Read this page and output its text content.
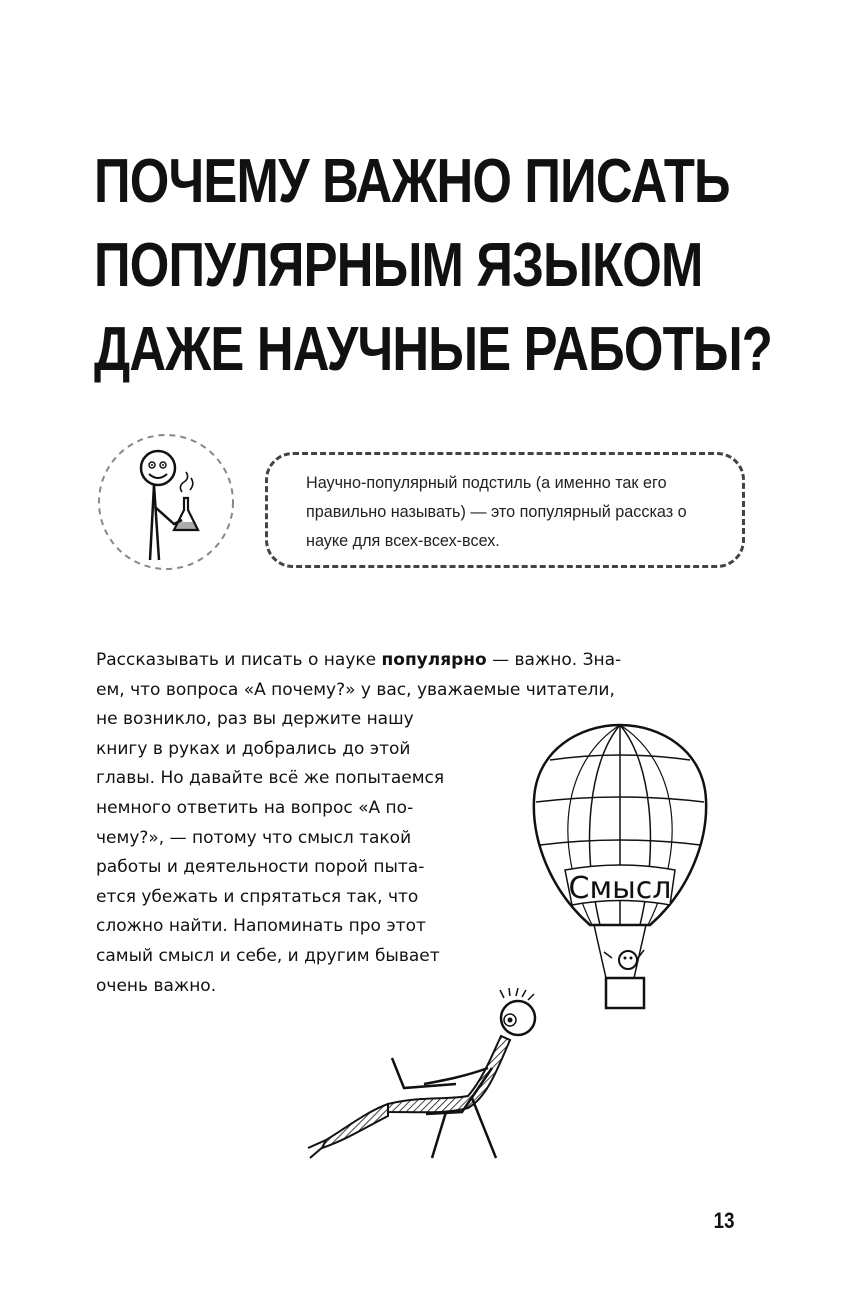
ПОЧЕМУ ВАЖНО ПИСАТЬ
ПОПУЛЯРНЫМ ЯЗЫКОМ
ДАЖЕ НАУЧНЫЕ РАБОТЫ?
Научно-популярный подстиль (а именно так его правильно называть) — это популярный рассказ о науке для всех-всех-всех.
Рассказывать и писать о науке популярно — важно. Зна-
ем, что вопроса «А почему?» у вас, уважаемые читатели,
не возникло, раз вы держите нашу
книгу в руках и добрались до этой
главы. Но давайте всё же попытаемся
немного ответить на вопрос «А по-
чему?», — потому что смысл такой
работы и деятельности порой пыта-
ется убежать и спрятаться так, что
сложно найти. Напоминать про этот
самый смысл и себе, и другим бывает
очень важно.
Смысл
13
